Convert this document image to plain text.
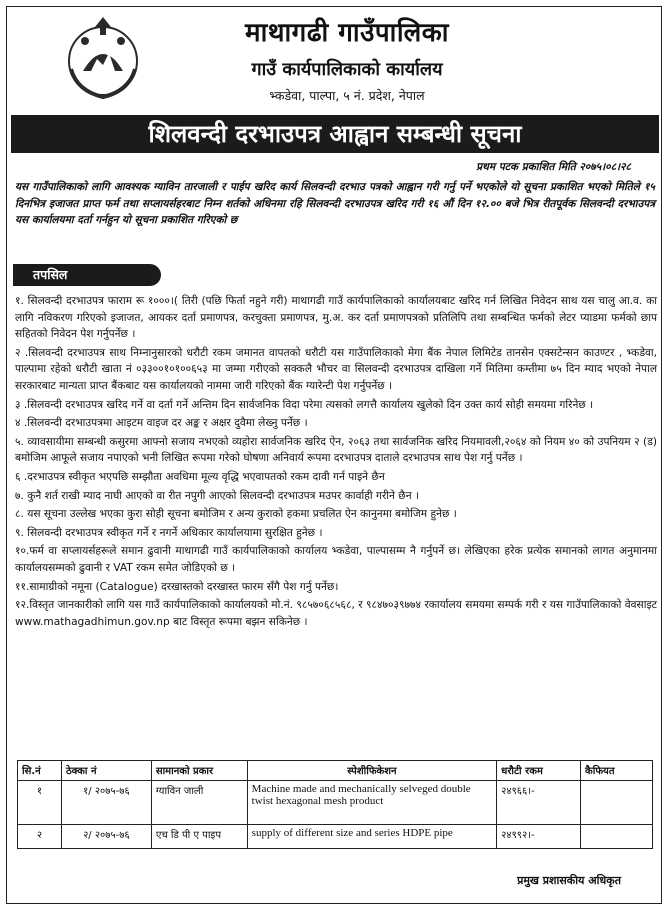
माथागढी गाउँपालिका
गाउँ कार्यपालिकाको कार्यालय
भ्कडेवा, पाल्पा, ५ नं. प्रदेश, नेपाल
शिलवन्दी दरभाउपत्र आह्वान सम्बन्धी सूचना
प्रथम पटक प्रकाशित मिति २०७५।०८।२८

यस गाउँपालिकाको लागि आवश्यक ग्याविन तारजाली र पाईप खरिद कार्य सिलवन्दी दरभाउ पत्रको आह्वान गरी गर्नु पर्ने भएकोले यो सूचना प्रकाशित भएको मितिले १५ दिनभित्र इजाजत प्राप्त फर्म तथा सप्लायर्सहरबाट निम्न शर्तको अधिनमा रहि सिलवन्दी दरभाउपत्र खरिद गरी १६ औं दिन १२.०० बजे भित्र रीतपूर्वक सिलवन्दी दरभाउपत्र यस कार्यालयमा दर्ता गर्नहुन यो सूचना प्रकाशित गरिएको छ

तपसिल
१. सिलवन्दी दरभाउपत्र फाराम रू १०००।( तिरी (पछि फिर्ता नहुने गरी) माथागढी गाउँ कार्यपालिकाको कार्यालयबाट खरिद गर्न लिखित निवेदन साथ यस चालु आ.व. का लागि नविकरण गरिएको इजाजत, आयकर दर्ता प्रमाणपत्र, करचुक्ता प्रमाणपत्र, मु.अ. कर दर्ता प्रमाणपत्रको प्रतिलिपि तथा सम्बन्धित फर्मको लेटर प्याडमा फर्मको छाप सहितको निवेदन पेश गर्नुपर्नेछ ।
२ .सिलवन्दी दरभाउपत्र साथ निम्नानुसारको धरौटी रकम जमानत वापतको धरौटी यस गाउँपालिकाको मेगा बैंक नेपाल लिमिटेड तानसेन एक्सटेन्सन काउण्टर , भ्कडेवा, पाल्पामा रहेको धरौटी खाता नं ०३३००१०१००६५३ मा जम्मा गरीएको सक्कलै भौचर वा सिलवन्दी दरभाउपत्र दाखिला गर्ने मितिमा कम्तीमा ७५ दिन म्याद भएको नेपाल सरकारबाट मान्यता प्राप्त बैंकबाट यस कार्यालयको नाममा जारी गरिएको बैंक ग्यारेन्टी पेश गर्नुपर्नेछ ।
३ .सिलवन्दी दरभाउपत्र खरिद गर्ने वा दर्ता गर्ने अन्तिम दिन सार्वजनिक विदा परेमा त्यसको लगत्तै कार्यालय खुलेको दिन उक्त कार्य सोही समयमा गरिनेछ ।
४ .सिलवन्दी दरभाउपत्रमा आइटम वाइज दर अङ्क र अक्षर दुवैमा लेख्नु पर्नेछ ।
५. व्यावसायीमा सम्बन्धी कसुरमा आफ्नो सजाय नभएको व्यहोरा सार्वजनिक खरिद ऐन, २०६३ तथा सार्वजनिक खरिद नियमावली,२०६४ को नियम ४० को उपनियम २ (ड) बमोजिम आफूले सजाय नपाएको भनी लिखित रूपमा गरेको घोषणा अनिवार्य रूपमा दरभाउपत्र दाताले दरभाउपत्र साथ पेश गर्नु पर्नेछ ।
६ .दरभाउपत्र स्वीकृत भएपछि सम्झौता अवधिमा मूल्य वृद्धि भएवापतको रकम दावी गर्न पाइने छैन
७. कुनै शर्त राखी म्याद नाघी आएको वा रीत नपुगी आएको सिलवन्दी दरभाउपत्र मउपर कार्वाही गरीने छैन ।
८. यस सूचना उल्लेख भएका कुरा सोही सूचना बमोजिम र अन्य कुराको हकमा प्रचलित ऐन कानुनमा बमोजिम हुनेछ ।
९. सिलवन्दी दरभाउपत्र स्वीकृत गर्ने र नगर्ने अधिकार कार्यालयामा सुरक्षित हुनेछ ।
१०.फर्म वा सप्लायर्सहरूले समान ढुवानी माथागढी गाउँ कार्यपालिकाको कार्यालय भ्कडेवा, पाल्पासम्म नै गर्नुपर्ने छ। लेखिएका हरेक प्रत्येक समानको लागत अनुमानमा कार्यालयसम्मको ढुवानी र VAT रकम समेत जोडिएको छ ।
११.सामाग्रीको नमूना (Catalogue) दरखास्तको दरखास्त फारम सँगै पेश गर्नु पर्नेछ।
१२.विस्तृत जानकारीको लागि यस गाउँ कार्यपालिकाको कार्यालयको मो.नं. ९८५७०६८५६८, र ९८४७०३९७७४ रकार्यालय समयमा सम्पर्क गरी र यस गाउँपालिकाको वेवसाइट www.mathagadhimun.gov.np बाट विस्तृत रूपमा बझन सकिनेछ ।
सि.नं	ठेक्का नं	सामानको प्रकार	स्पेशीफिकेशन	धरौटी रकम	कैफियत
१	१/ २०७५-७६	ग्याविन जाली	Machine made and mechanically selveged double twist hexagonal mesh product	२४९६६।-	
२	२/ २०७५-७६	एच डि पी ए पाइप	supply of different size and series HDPE pipe	२४९९२।-	
प्रमुख प्रशासकीय अधिकृत
